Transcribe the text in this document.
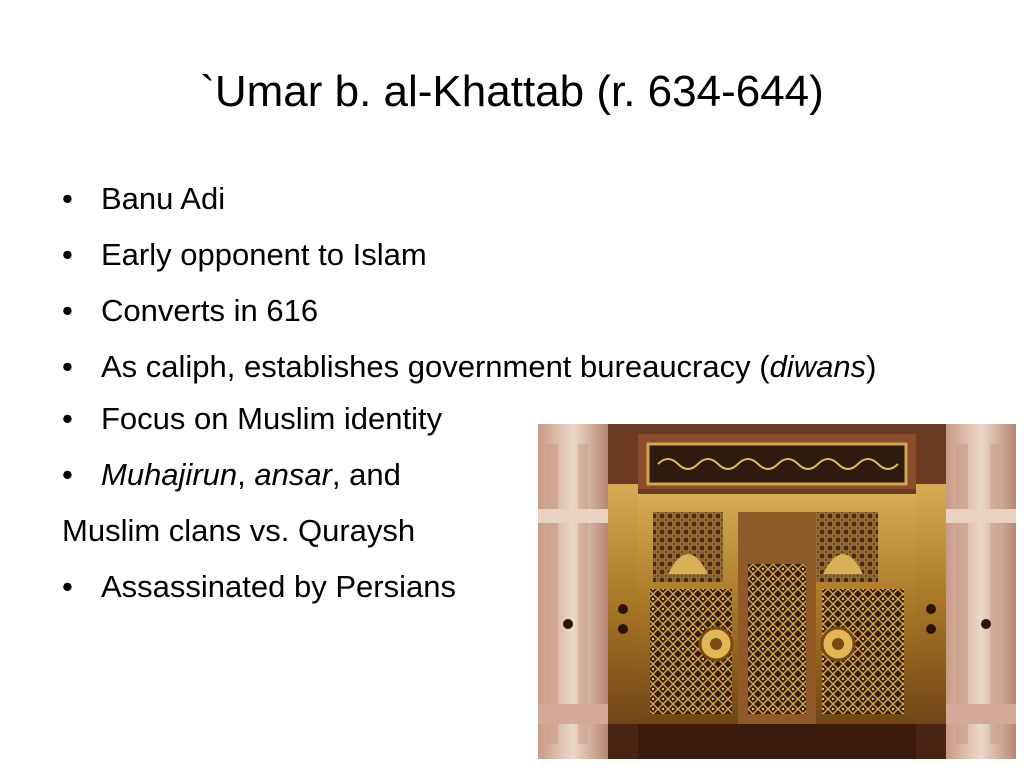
`Umar b. al-Khattab (r. 634-644)
• Banu Adi
• Early opponent to Islam
• Converts in 616
• As caliph, establishes government bureaucracy (diwans)
• Focus on Muslim identity
• Muhajirun, ansar, and
Muslim clans vs. Quraysh
• Assassinated by Persians
